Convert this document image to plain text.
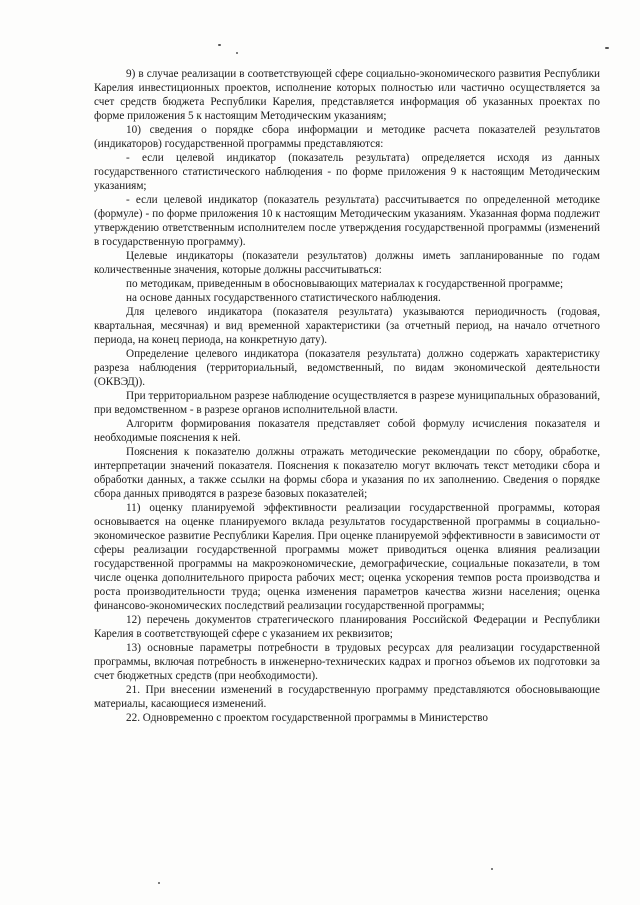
9) в случае реализации в соответствующей сфере социально-экономического развития Республики Карелия инвестиционных проектов, исполнение которых полностью или частично осуществляется за счет средств бюджета Республики Карелия, представляется информация об указанных проектах по форме приложения 5 к настоящим Методическим указаниям;

10) сведения о порядке сбора информации и методике расчета показателей результатов (индикаторов) государственной программы представляются:

- если целевой индикатор (показатель результата) определяется исходя из данных государственного статистического наблюдения - по форме приложения 9 к настоящим Методическим указаниям;

- если целевой индикатор (показатель результата) рассчитывается по определенной методике (формуле) - по форме приложения 10 к настоящим Методическим указаниям. Указанная форма подлежит утверждению ответственным исполнителем после утверждения государственной программы (изменений в государственную программу).

Целевые индикаторы (показатели результатов) должны иметь запланированные по годам количественные значения, которые должны рассчитываться:

по методикам, приведенным в обосновывающих материалах к государственной программе;

на основе данных государственного статистического наблюдения.

Для целевого индикатора (показателя результата) указываются периодичность (годовая, квартальная, месячная) и вид временной характеристики (за отчетный период, на начало отчетного периода, на конец периода, на конкретную дату).

Определение целевого индикатора (показателя результата) должно содержать характеристику разреза наблюдения (территориальный, ведомственный, по видам экономической деятельности (ОКВЭД)).

При территориальном разрезе наблюдение осуществляется в разрезе муниципальных образований, при ведомственном - в разрезе органов исполнительной власти.

Алгоритм формирования показателя представляет собой формулу исчисления показателя и необходимые пояснения к ней.

Пояснения к показателю должны отражать методические рекомендации по сбору, обработке, интерпретации значений показателя. Пояснения к показателю могут включать текст методики сбора и обработки данных, а также ссылки на формы сбора и указания по их заполнению. Сведения о порядке сбора данных приводятся в разрезе базовых показателей;

11) оценку планируемой эффективности реализации государственной программы, которая основывается на оценке планируемого вклада результатов государственной программы в социально-экономическое развитие Республики Карелия. При оценке планируемой эффективности в зависимости от сферы реализации государственной программы может приводиться оценка влияния реализации государственной программы на макроэкономические, демографические, социальные показатели, в том числе оценка дополнительного прироста рабочих мест; оценка ускорения темпов роста производства и роста производительности труда; оценка изменения параметров качества жизни населения; оценка финансово-экономических последствий реализации государственной программы;

12) перечень документов стратегического планирования Российской Федерации и Республики Карелия в соответствующей сфере с указанием их реквизитов;

13) основные параметры потребности в трудовых ресурсах для реализации государственной программы, включая потребность в инженерно-технических кадрах и прогноз объемов их подготовки за счет бюджетных средств (при необходимости).

21. При внесении изменений в государственную программу представляются обосновывающие материалы, касающиеся изменений.

22. Одновременно с проектом государственной программы в Министерство
